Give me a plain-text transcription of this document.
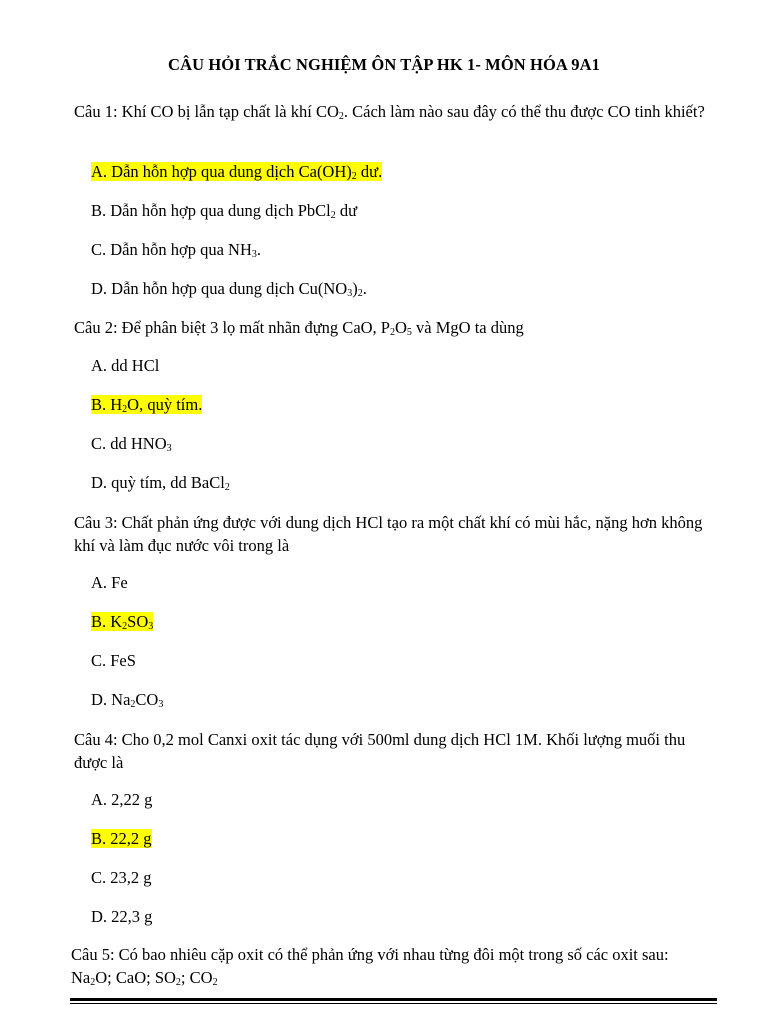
CÂU HỎI TRẮC NGHIỆM ÔN TẬP HK 1- MÔN HÓA 9A1
Câu 1: Khí CO bị lẫn tạp chất là khí $CO_2$. Cách làm nào sau đây có thể thu được CO tinh khiết?
A. Dẫn hỗn hợp qua dung dịch $Ca(OH)_2$ dư.
B. Dẫn hỗn hợp qua dung dịch PbCl$_2$ dư
C. Dẫn hỗn hợp qua $NH_3$.
D. Dẫn hỗn hợp qua dung dịch $Cu(NO_3)_2$.
Câu 2: Để phân biệt 3 lọ mất nhãn đựng CaO, $P_2O_5$ và MgO ta dùng
A. dd HCl
B. $H_2O$, quỳ tím.
C. dd $HNO_3$
D. quỳ tím, dd BaCl$_2$
Câu 3: Chất phản ứng được với dung dịch HCl tạo ra một chất khí có mùi hắc, nặng hơn không khí và làm đục nước vôi trong là
A. Fe
B. $K_2SO_3$
C. FeS
D. $Na_2CO_3$
Câu 4: Cho 0,2 mol Canxi oxit tác dụng với 500ml dung dịch HCl 1M. Khối lượng muối thu được là
A. 2,22 g
B. 22,2 g
C. 23,2 g
D. 22,3 g
Câu 5: Có bao nhiêu cặp oxit có thể phản ứng với nhau từng đôi một trong số các oxit sau:
$Na_2O$; CaO; $SO_2$; $CO_2$
